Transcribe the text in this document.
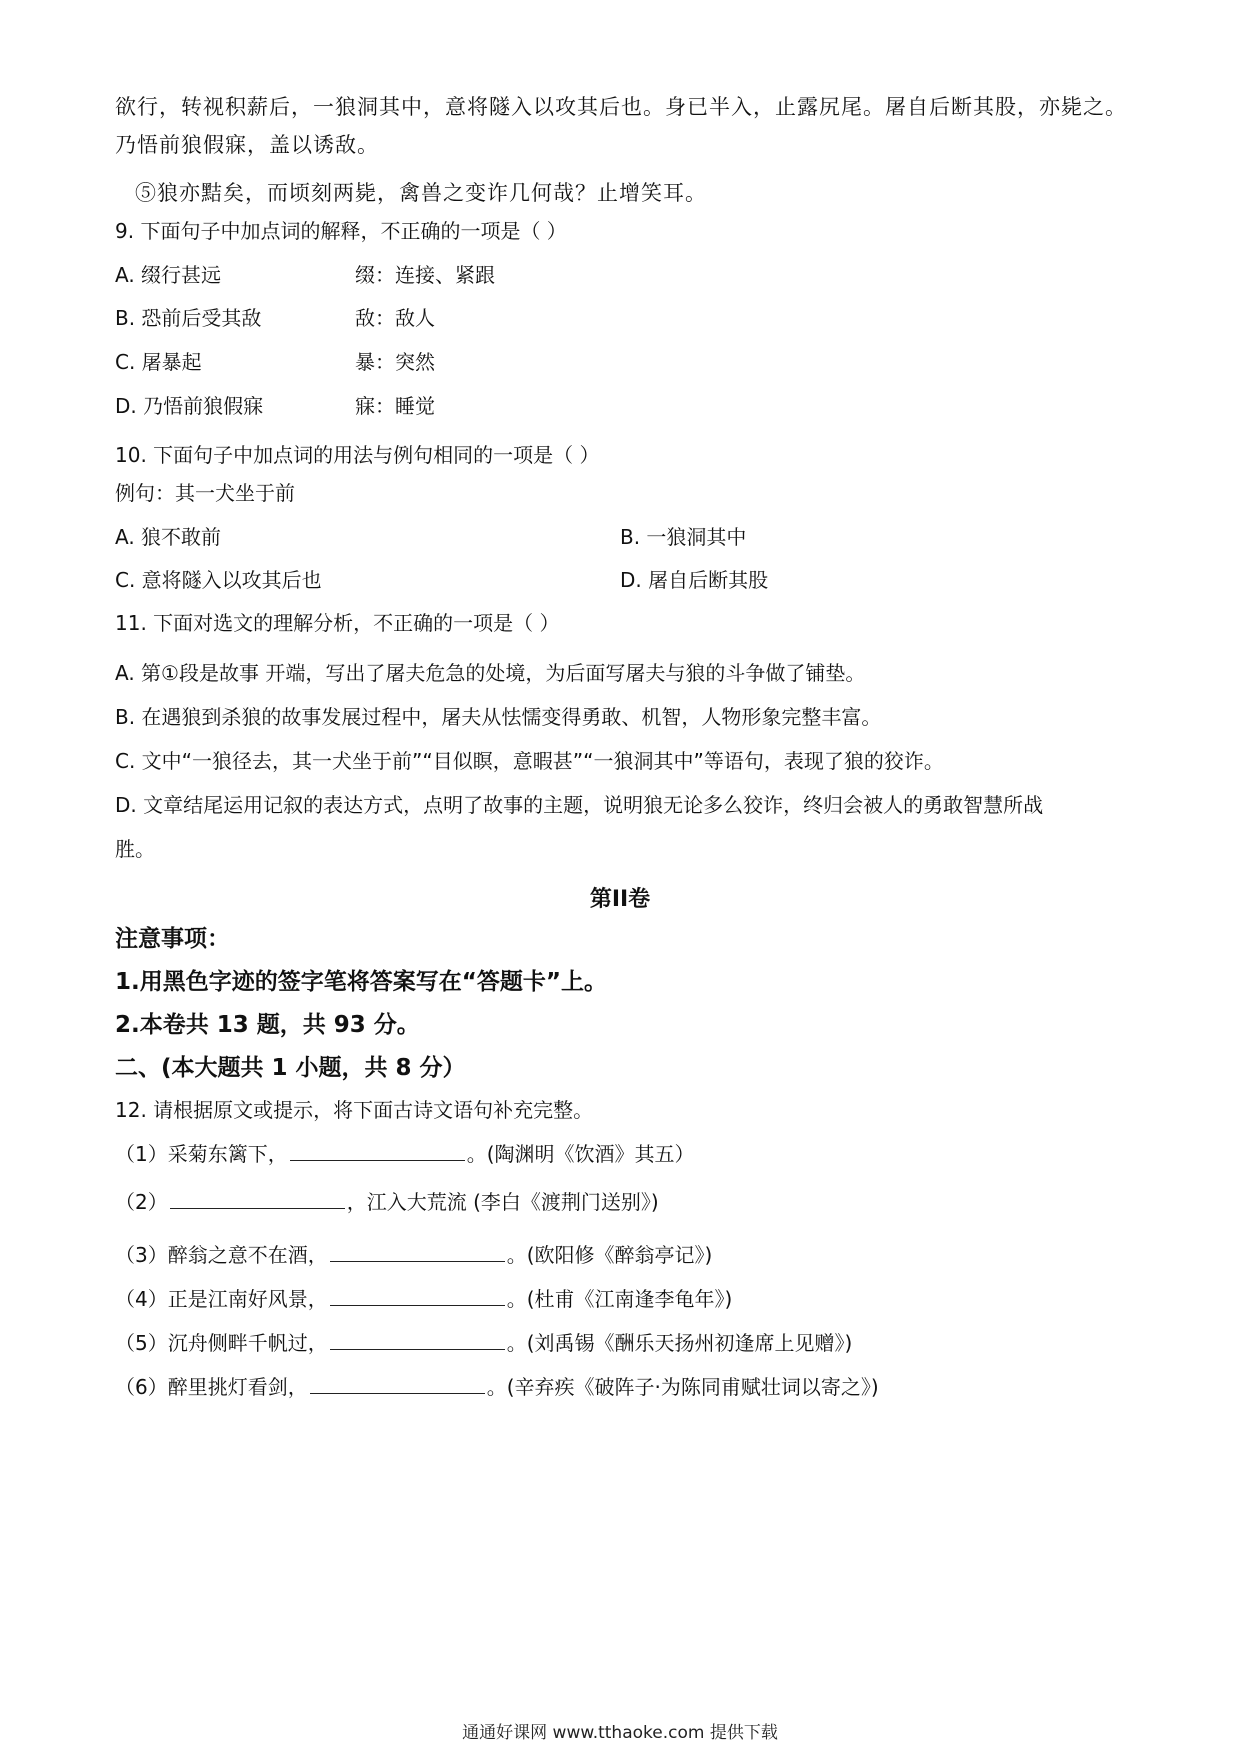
欲行，转视积薪后，一狼洞其中，意将隧入以攻其后也。身已半入，止露尻尾。屠自后断其股，亦毙之。
乃悟前狼假寐，盖以诱敌。
⑤狼亦黠矣，而顷刻两毙，禽兽之变诈几何哉？止增笑耳。
9. 下面句子中加点词的解释，不正确的一项是（ ）
A. 缀行甚远	缀：连接、紧跟
B. 恐前后受其敌	敌：敌人
C. 屠暴起	暴：突然
D. 乃悟前狼假寐	寐：睡觉
10. 下面句子中加点词的用法与例句相同的一项是（ ）
例句：其一犬坐于前
A. 狼不敢前	B. 一狼洞其中
C. 意将隧入以攻其后也	D. 屠自后断其股
11. 下面对选文的理解分析，不正确的一项是（ ）
A. 第①段是故事 开端，写出了屠夫危急的处境，为后面写屠夫与狼的斗争做了铺垫。
B. 在遇狼到杀狼的故事发展过程中，屠夫从怯懦变得勇敢、机智，人物形象完整丰富。
C. 文中“一狼径去，其一犬坐于前”“目似瞑，意暇甚”“一狼洞其中”等语句，表现了狼的狡诈。
D. 文章结尾运用记叙的表达方式，点明了故事的主题，说明狼无论多么狡诈，终归会被人的勇敢智慧所战
胜。
第II卷
注意事项：
1.用黑色字迹的签字笔将答案写在“答题卡”上。
2.本卷共 13 题，共 93 分。
二、(本大题共 1 小题，共 8 分）
12. 请根据原文或提示，将下面古诗文语句补充完整。
（1）采菊东篱下，	。(陶渊明《饮酒》其五）
（2）	，江入大荒流 (李白《渡荆门送别》)
（3）醉翁之意不在酒，	。(欧阳修《醉翁亭记》)
（4）正是江南好风景，	。(杜甫《江南逢李龟年》)
（5）沉舟侧畔千帆过，	。(刘禹锡《酬乐天扬州初逢席上见赠》)
（6）醉里挑灯看剑，	。(辛弃疾《破阵子·为陈同甫赋壮词以寄之》)
通通好课网 www.tthaoke.com 提供下载
